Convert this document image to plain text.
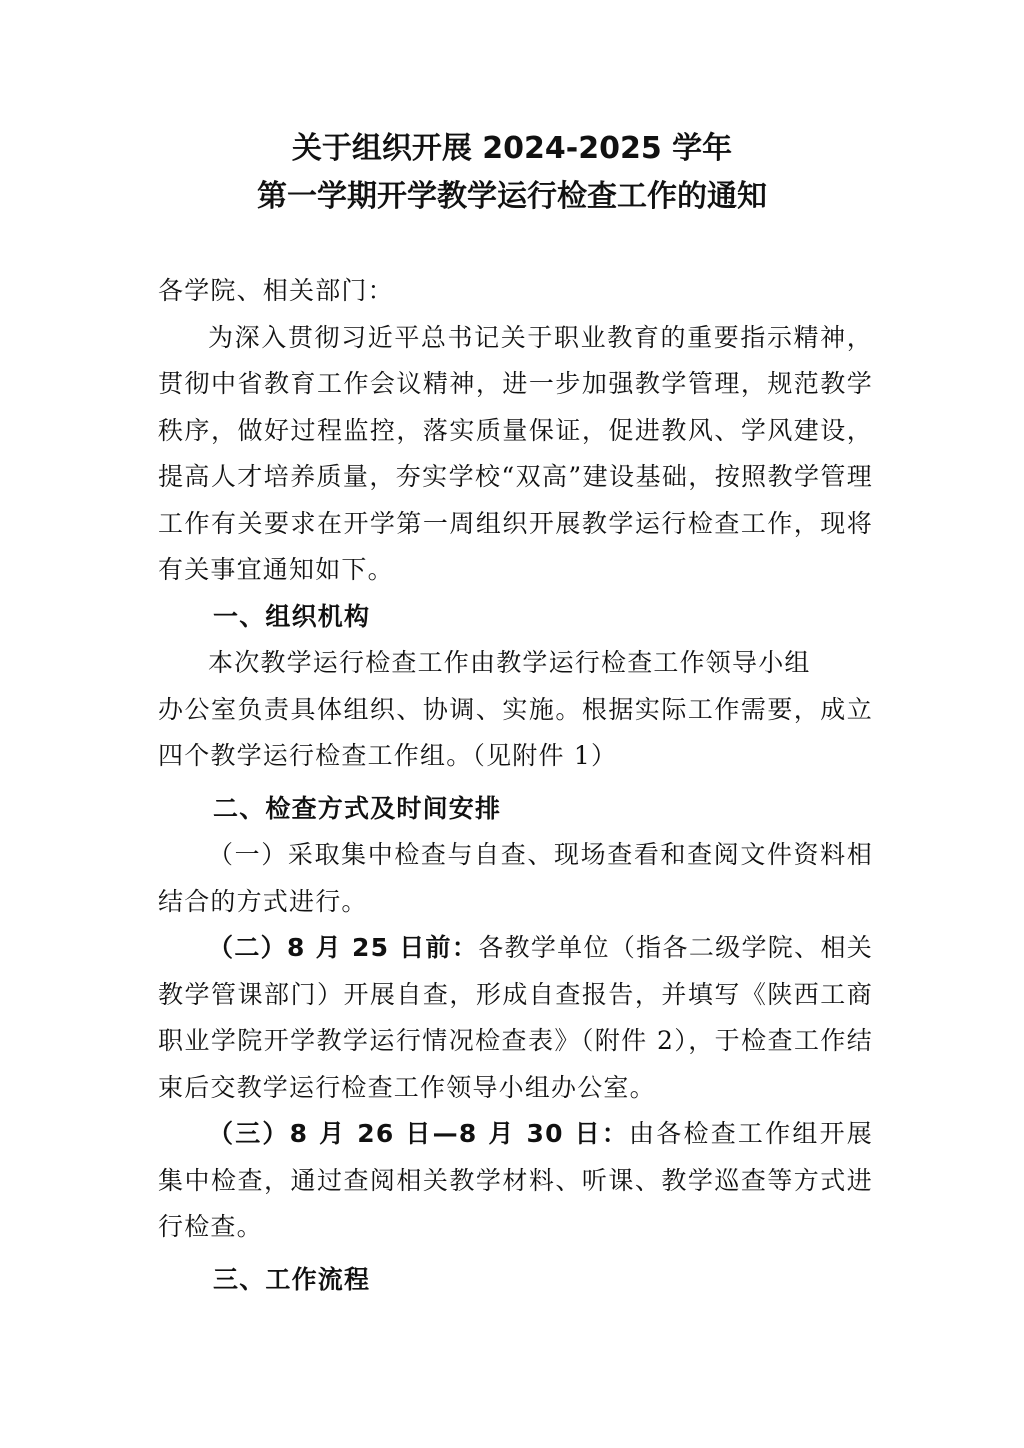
关于组织开展 2024-2025 学年
第一学期开学教学运行检查工作的通知

各学院、相关部门：

为深入贯彻习近平总书记关于职业教育的重要指示精神，贯彻中省教育工作会议精神，进一步加强教学管理，规范教学秩序，做好过程监控，落实质量保证，促进教风、学风建设，提高人才培养质量，夯实学校“双高”建设基础，按照教学管理工作有关要求在开学第一周组织开展教学运行检查工作，现将有关事宜通知如下。

一、组织机构

本次教学运行检查工作由教学运行检查工作领导小组

办公室负责具体组织、协调、实施。根据实际工作需要，成立四个教学运行检查工作组。（见附件 1）

二、检查方式及时间安排

（一）采取集中检查与自查、现场查看和查阅文件资料相结合的方式进行。

（二）8 月 25 日前：各教学单位（指各二级学院、相关教学管课部门）开展自查，形成自查报告，并填写《陕西工商职业学院开学教学运行情况检查表》（附件 2），于检查工作结束后交教学运行检查工作领导小组办公室。

（三）8 月 26 日—8 月 30 日：由各检查工作组开展集中检查，通过查阅相关教学材料、听课、教学巡查等方式进行检查。

三、工作流程
